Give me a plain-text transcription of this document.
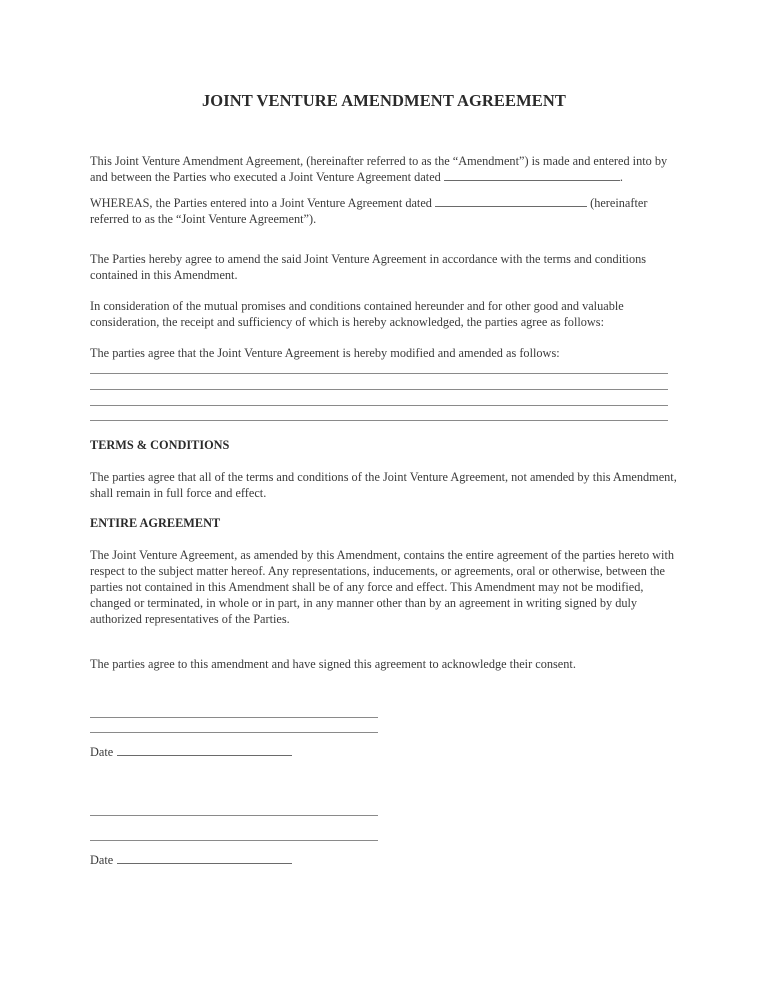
JOINT VENTURE AMENDMENT AGREEMENT
This Joint Venture Amendment Agreement, (hereinafter referred to as the “Amendment”) is made and entered into by and between the Parties who executed a Joint Venture Agreement dated	.
WHEREAS, the Parties entered into a Joint Venture Agreement dated	(hereinafter referred to as the “Joint Venture Agreement”).
The Parties hereby agree to amend the said Joint Venture Agreement in accordance with the terms and conditions contained in this Amendment.
In consideration of the mutual promises and conditions contained hereunder and for other good and valuable consideration, the receipt and sufficiency of which is hereby acknowledged, the parties agree as follows:
The parties agree that the Joint Venture Agreement is hereby modified and amended as follows:
TERMS & CONDITIONS
The parties agree that all of the terms and conditions of the Joint Venture Agreement, not amended by this Amendment, shall remain in full force and effect.
ENTIRE AGREEMENT
The Joint Venture Agreement, as amended by this Amendment, contains the entire agreement of the parties hereto with respect to the subject matter hereof. Any representations, inducements, or agreements, oral or otherwise, between the parties not contained in this Amendment shall be of any force and effect. This Amendment may not be modified, changed or terminated, in whole or in part, in any manner other than by an agreement in writing signed by duly authorized representatives of the Parties.
The parties agree to this amendment and have signed this agreement to acknowledge their consent.
Date
Date
